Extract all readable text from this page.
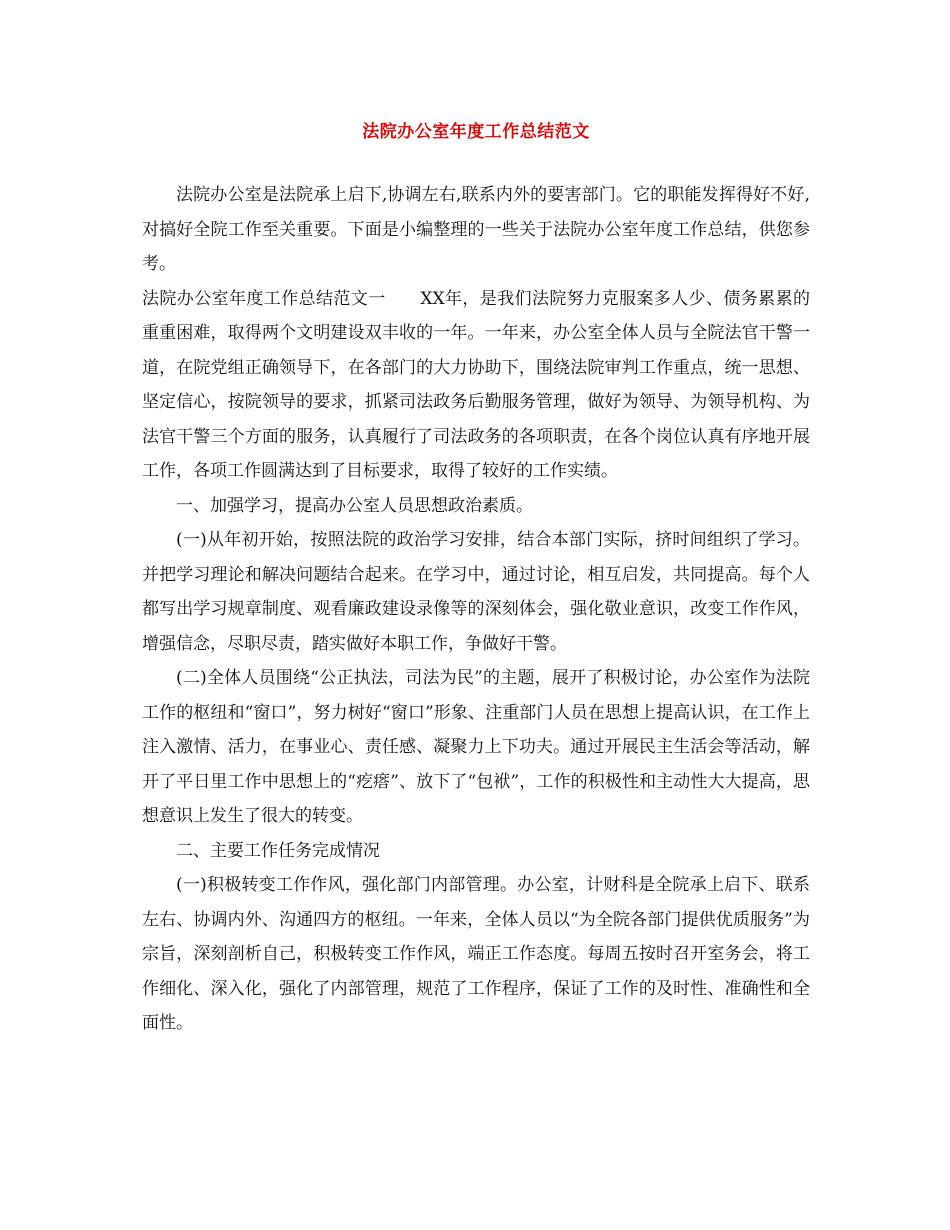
法院办公室年度工作总结范文

法院办公室是法院承上启下,协调左右,联系内外的要害部门。它的职能发挥得好不好,对搞好全院工作至关重要。下面是小编整理的一些关于法院办公室年度工作总结，供您参考。

法院办公室年度工作总结范文一　　XX年，是我们法院努力克服案多人少、债务累累的重重困难，取得两个文明建设双丰收的一年。一年来，办公室全体人员与全院法官干警一道，在院党组正确领导下，在各部门的大力协助下，围绕法院审判工作重点，统一思想、坚定信心，按院领导的要求，抓紧司法政务后勤服务管理，做好为领导、为领导机构、为法官干警三个方面的服务，认真履行了司法政务的各项职责，在各个岗位认真有序地开展工作，各项工作圆满达到了目标要求，取得了较好的工作实绩。

一、加强学习，提高办公室人员思想政治素质。

(一)从年初开始，按照法院的政治学习安排，结合本部门实际，挤时间组织了学习。并把学习理论和解决问题结合起来。在学习中，通过讨论，相互启发，共同提高。每个人都写出学习规章制度、观看廉政建设录像等的深刻体会，强化敬业意识，改变工作作风，增强信念，尽职尽责，踏实做好本职工作，争做好干警。

(二)全体人员围绕“公正执法，司法为民”的主题，展开了积极讨论，办公室作为法院工作的枢纽和“窗口”，努力树好“窗口”形象、注重部门人员在思想上提高认识，在工作上注入激情、活力，在事业心、责任感、凝聚力上下功夫。通过开展民主生活会等活动，解开了平日里工作中思想上的“疙瘩”、放下了“包袱”，工作的积极性和主动性大大提高，思想意识上发生了很大的转变。

二、主要工作任务完成情况

(一)积极转变工作作风，强化部门内部管理。办公室，计财科是全院承上启下、联系左右、协调内外、沟通四方的枢纽。一年来，全体人员以“为全院各部门提供优质服务”为宗旨，深刻剖析自己，积极转变工作作风，端正工作态度。每周五按时召开室务会，将工作细化、深入化，强化了内部管理，规范了工作程序，保证了工作的及时性、准确性和全面性。
